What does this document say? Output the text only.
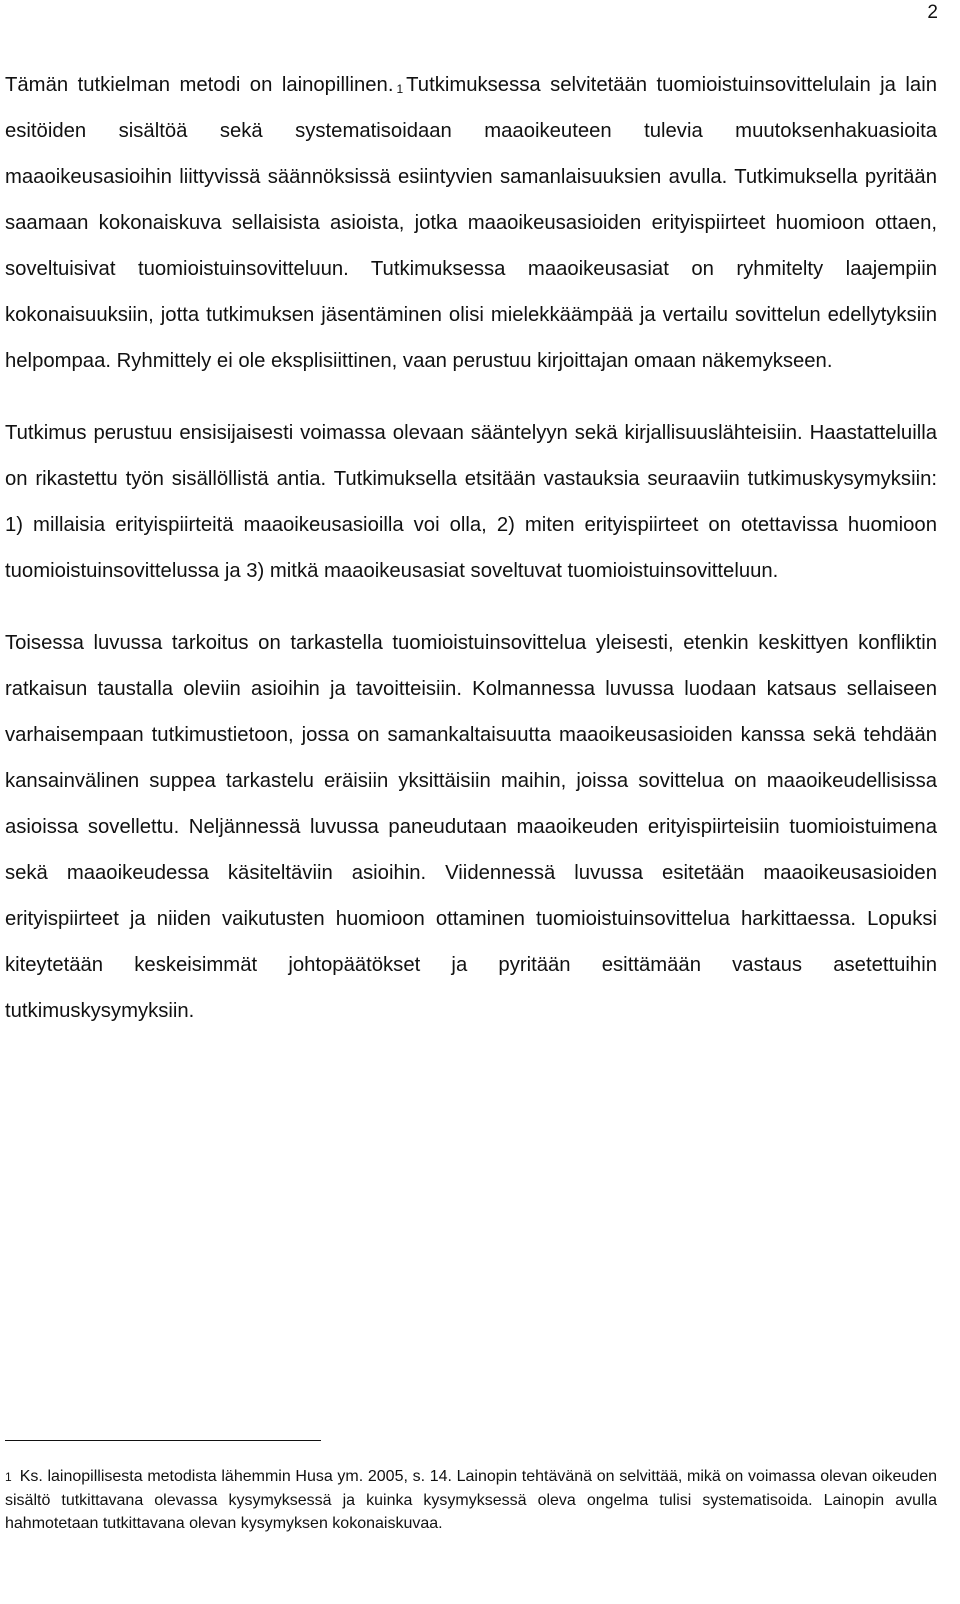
2

Tämän tutkielman metodi on lainopillinen. $^1$ Tutkimuksessa selvitetään tuomioistuinsovittelulain ja lain esitöiden sisältöä sekä systematisoidaan maaoikeuteen tulevia muutoksenhakuasioita maaoikeusasioihin liittyvissä säännöksissä esiintyvien samanlaisuuksien avulla. Tutkimuksella pyritään saamaan kokonaiskuva sellaisista asioista, jotka maaoikeusasioiden erityispiirteet huomioon ottaen, soveltuisivat tuomioistuinsovitteluun. Tutkimuksessa maaoikeusasiat on ryhmitelty laajempiin kokonaisuuksiin, jotta tutkimuksen jäsentäminen olisi mielekkäämpää ja vertailu sovittelun edellytyksiin helpompaa. Ryhmittely ei ole eksplisiittinen, vaan perustuu kirjoittajan omaan näkemykseen.

Tutkimus perustuu ensisijaisesti voimassa olevaan sääntelyyn sekä kirjallisuuslähteisiin. Haastatteluilla on rikastettu työn sisällöllistä antia. Tutkimuksella etsitään vastauksia seuraaviin tutkimuskysymyksiin: 1) millaisia erityispiirteitä maaoikeusasioilla voi olla, 2) miten erityispiirteet on otettavissa huomioon tuomioistuinsovittelussa ja 3) mitkä maaoikeusasiat soveltuvat tuomioistuinsovitteluun.

Toisessa luvussa tarkoitus on tarkastella tuomioistuinsovittelua yleisesti, etenkin keskittyen konfliktin ratkaisun taustalla oleviin asioihin ja tavoitteisiin. Kolmannessa luvussa luodaan katsaus sellaiseen varhaisempaan tutkimustietoon, jossa on samankaltaisuutta maaoikeusasioiden kanssa sekä tehdään kansainvälinen suppea tarkastelu eräisiin yksittäisiin maihin, joissa sovittelua on maaoikeudellisissa asioissa sovellettu. Neljännessä luvussa paneudutaan maaoikeuden erityispiirteisiin tuomioistuimena sekä maaoikeudessa käsiteltäviin asioihin. Viidennessä luvussa esitetään maaoikeusasioiden erityispiirteet ja niiden vaikutusten huomioon ottaminen tuomioistuinsovittelua harkittaessa. Lopuksi kiteytetään keskeisimmät johtopäätökset ja pyritään esittämään vastaus asetettuihin tutkimuskysymyksiin.

$^1$ Ks. lainopillisesta metodista lähemmin Husa ym. 2005, s. 14. Lainopin tehtävänä on selvittää, mikä on voimassa olevan oikeuden sisältö tutkittavana olevassa kysymyksessä ja kuinka kysymyksessä oleva ongelma tulisi systematisoida. Lainopin avulla hahmotetaan tutkittavana olevan kysymyksen kokonaiskuvaa.
